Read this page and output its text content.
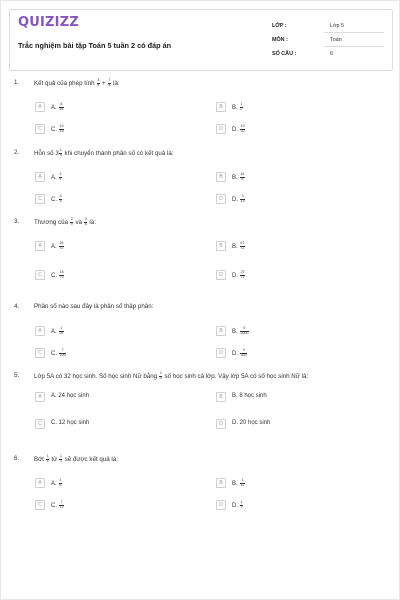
QUIZIZZ
Trắc nghiệm bài tập Toán 5 tuần 2 có đáp án
LỚP :	Lớp 5
MÔN :	Toán
SỐ CÂU :	6
1. Kết quả của phép tính $\frac{3}{8} + \frac{7}{8}$ là:
A	A. $\frac{8}{16}$	B	B. $\frac{1}{2}$
C	C. $\frac{10}{16}$	D	D. $\frac{10}{32}$
2. Hỗn số $3 \frac{1}{5}$ khi chuyển thành phân số có kết quả là:
A	A. $\frac{3}{5}$	B	B. $\frac{16}{5}$
C	C. $\frac{4}{5}$	D	D. $\frac{3}{15}$
3. Thương của $\frac{2}{9}$ và $\frac{3}{8}$ là:
A	A. $\frac{16}{72}$	B	B. $\frac{67}{72}$
C	C. $\frac{15}{72}$	D	D. $\frac{27}{72}$
4. Phân số nào sau đây là phân số thập phân:
A	A. $\frac{1}{25}$	B	B. $\frac{5}{2000}$
C	C. $\frac{7}{100}$	D	D. $\frac{9}{300}$
5. Lớp 5A có 32 học sinh. Số học sinh Nữ bằng $\frac{1}{4}$ số học sinh cả lớp. Vậy lớp 5A có số học sinh Nữ là:
A	A. 24 học sinh	B	B. 8 học sinh
C	C. 12 học sinh	D	D. 20 học sinh
6. Bớt $\frac{1}{4}$ từ $\frac{1}{3}$ sẽ được kết quả là:
A	A. $\frac{1}{6}$	B	B. $\frac{1}{12}$
C	C. $\frac{7}{12}$	D	D. $\frac{1}{7}$
